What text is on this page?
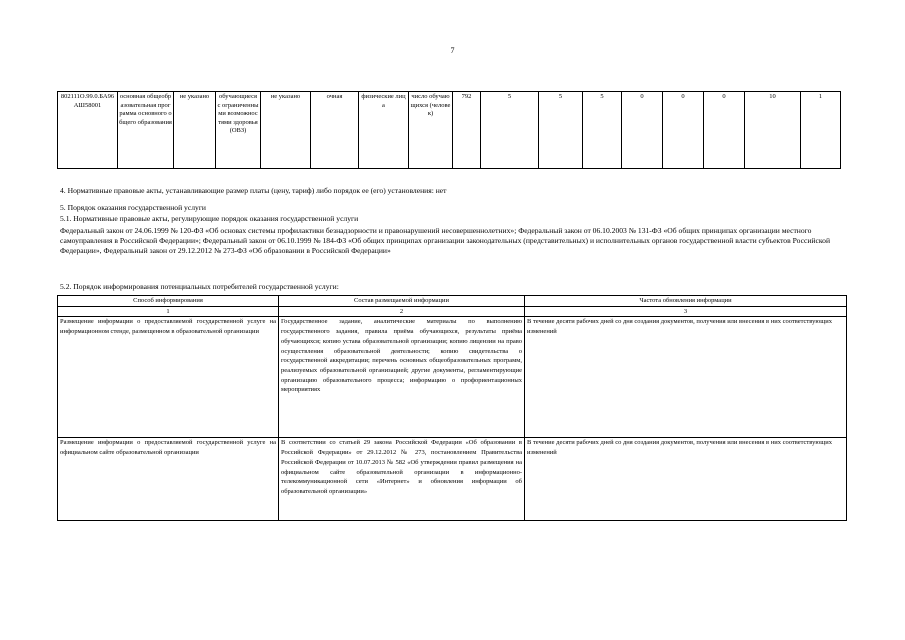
7
802111О.99.0.БА96АШ58001	основная общеобразовательная программа основного общего образования	не указано	обучающиеся с ограниченными возможностями здоровья (ОВЗ)	не указано	очная	физические лица	число обучающихся (человек)	792	5	5	5	0	0	0	10	1
4. Нормативные правовые акты, устанавливающие размер платы (цену, тариф) либо порядок ее (его) установления: нет
5. Порядок оказания государственной услуги
5.1. Нормативные правовые акты, регулирующие порядок оказания государственной услуги
Федеральный закон от 24.06.1999 № 120-ФЗ «Об основах системы профилактики безнадзорности и правонарушений несовершеннолетних»; Федеральный закон от 06.10.2003 № 131-ФЗ «Об общих принципах организации местного самоуправления в Российской Федерации»; Федеральный закон от 06.10.1999 № 184-ФЗ «Об общих принципах организации законодательных (представительных) и исполнительных органов государственной власти субъектов Российской Федерации», Федеральный закон от 29.12.2012 № 273-ФЗ «Об образовании в Российской Федерации»
5.2. Порядок информирования потенциальных потребителей государственной услуги:
Способ информирования	Состав размещаемой информации	Частота обновления информации
1	2	3
Размещение информации о предоставляемой государственной услуге на информационном стенде, размещенном в образовательной организации	Государственное задание, аналитические материалы по выполнению государственного задания, правила приёма обучающихся, результаты приёма обучающихся; копию устава образовательной организации; копию лицензии на право осуществления образовательной деятельности; копию свидетельства о государственной аккредитации; перечень основных общеобразовательных программ, реализуемых образовательной организацией; другие документы, регламентирующие организацию образовательного процесса; информацию о профориентационных мероприятиях	В течение десяти рабочих дней со дня создания документов, получения или внесения в них соответствующих изменений
Размещение информации о предоставляемой государственной услуге на официальном сайте образовательной организации	В соответствии со статьей 29 закона Российской Федерации «Об образовании в Российской Федерации» от 29.12.2012 № 273, постановлением Правительства Российской Федерации от 10.07.2013 № 582 «Об утверждении правил размещения на официальном сайте образовательной организации в информационно-телекоммуникационной сети «Интернет» и обновления информации об образовательной организации»	В течение десяти рабочих дней со дня создания документов, получения или внесения в них соответствующих изменений
